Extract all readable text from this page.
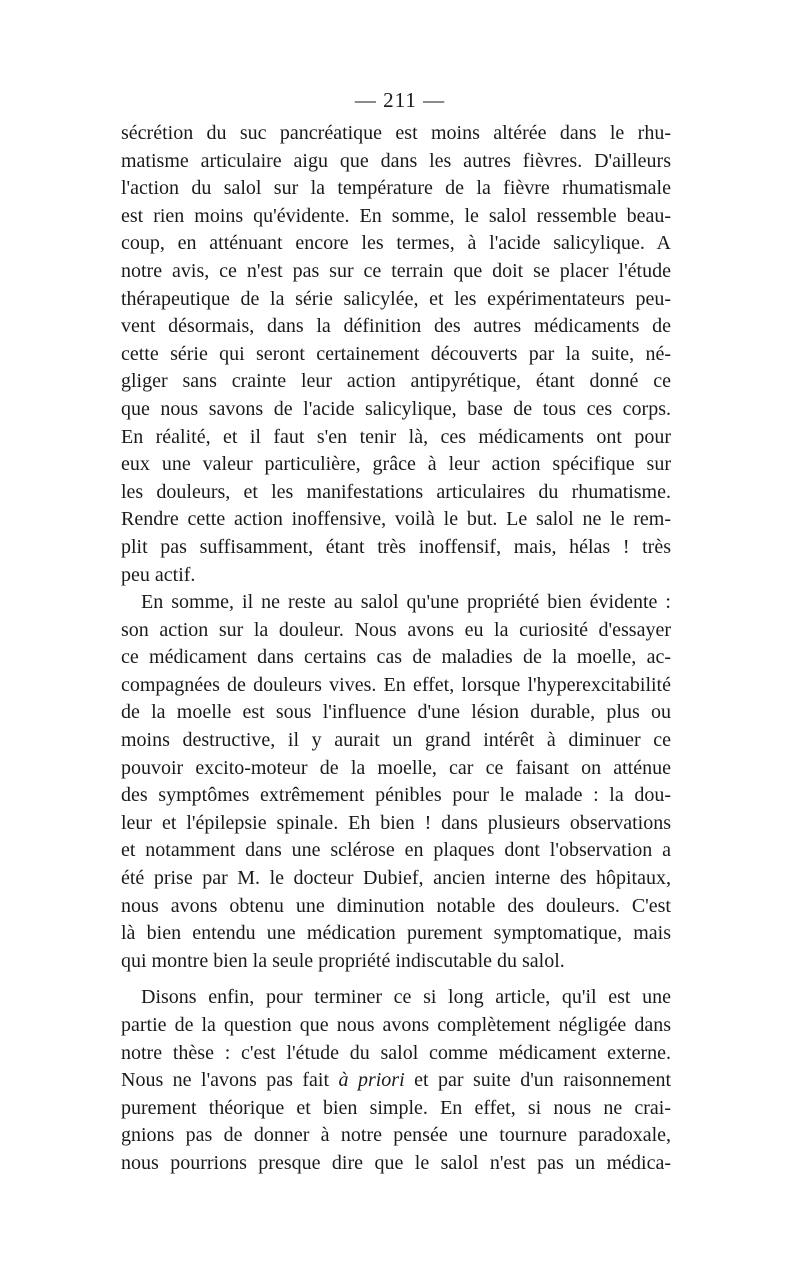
— 211 —
sécrétion du suc pancréatique est moins altérée dans le rhu-
matisme articulaire aigu que dans les autres fièvres. D'ailleurs
l'action du salol sur la température de la fièvre rhumatismale
est rien moins qu'évidente. En somme, le salol ressemble beau-
coup, en atténuant encore les termes, à l'acide salicylique. A
notre avis, ce n'est pas sur ce terrain que doit se placer l'étude
thérapeutique de la série salicylée, et les expérimentateurs peu-
vent désormais, dans la définition des autres médicaments de
cette série qui seront certainement découverts par la suite, né-
gliger sans crainte leur action antipyrétique, étant donné ce
que nous savons de l'acide salicylique, base de tous ces corps.
En réalité, et il faut s'en tenir là, ces médicaments ont pour
eux une valeur particulière, grâce à leur action spécifique sur
les douleurs, et les manifestations articulaires du rhumatisme.
Rendre cette action inoffensive, voilà le but. Le salol ne le rem-
plit pas suffisamment, étant très inoffensif, mais, hélas ! très
peu actif.
En somme, il ne reste au salol qu'une propriété bien évidente :
son action sur la douleur. Nous avons eu la curiosité d'essayer
ce médicament dans certains cas de maladies de la moelle, ac-
compagnées de douleurs vives. En effet, lorsque l'hyperexcitabilité
de la moelle est sous l'influence d'une lésion durable, plus ou
moins destructive, il y aurait un grand intérêt à diminuer ce
pouvoir excito-moteur de la moelle, car ce faisant on atténue
des symptômes extrêmement pénibles pour le malade : la dou-
leur et l'épilepsie spinale. Eh bien ! dans plusieurs observations
et notamment dans une sclérose en plaques dont l'observation a
été prise par M. le docteur Dubief, ancien interne des hôpitaux,
nous avons obtenu une diminution notable des douleurs. C'est
là bien entendu une médication purement symptomatique, mais
qui montre bien la seule propriété indiscutable du salol.
Disons enfin, pour terminer ce si long article, qu'il est une
partie de la question que nous avons complètement négligée dans
notre thèse : c'est l'étude du salol comme médicament externe.
Nous ne l'avons pas fait à priori et par suite d'un raisonnement
purement théorique et bien simple. En effet, si nous ne crai-
gnions pas de donner à notre pensée une tournure paradoxale,
nous pourrions presque dire que le salol n'est pas un médica-
